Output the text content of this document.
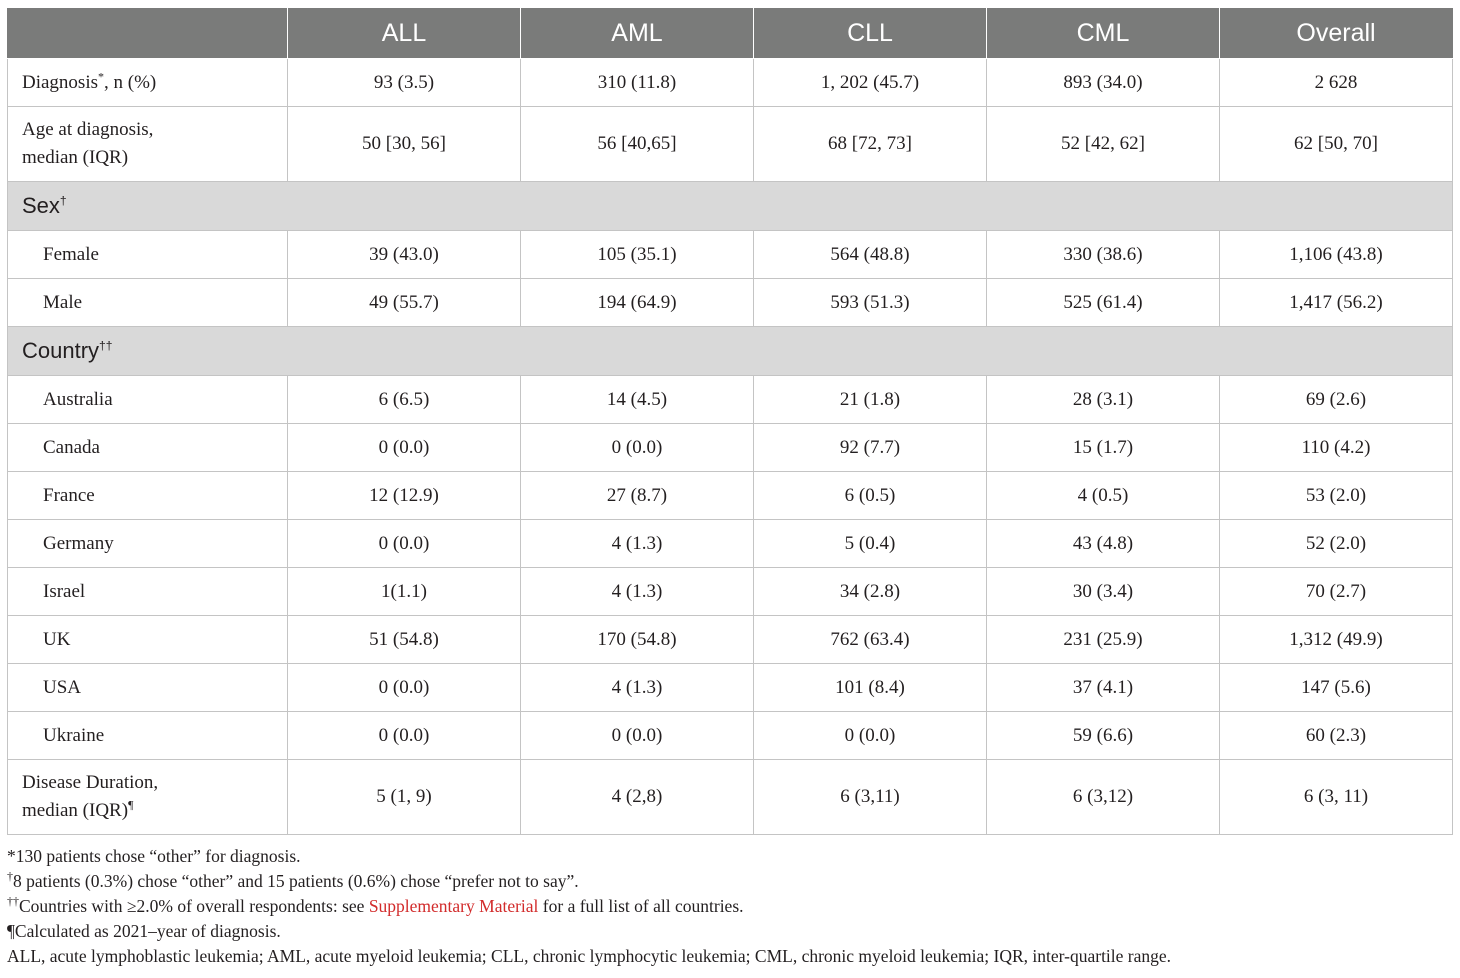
	ALL	AML	CLL	CML	Overall
Diagnosis*, n (%)	93 (3.5)	310 (11.8)	1, 202 (45.7)	893 (34.0)	2 628

Age at diagnosis,
median (IQR)	50 [30, 56]	56 [40,65]	68 [72, 73]	52 [42, 62]	62 [50, 70]
Sex†
Female	39 (43.0)	105 (35.1)	564 (48.8)	330 (38.6)	1,106 (43.8)
Male	49 (55.7)	194 (64.9)	593 (51.3)	525 (61.4)	1,417 (56.2)
Country††
Australia	6 (6.5)	14 (4.5)	21 (1.8)	28 (3.1)	69 (2.6)
Canada	0 (0.0)	0 (0.0)	92 (7.7)	15 (1.7)	110 (4.2)
France	12 (12.9)	27 (8.7)	6 (0.5)	4 (0.5)	53 (2.0)
Germany	0 (0.0)	4 (1.3)	5 (0.4)	43 (4.8)	52 (2.0)
Israel	1(1.1)	4 (1.3)	34 (2.8)	30 (3.4)	70 (2.7)
UK	51 (54.8)	170 (54.8)	762 (63.4)	231 (25.9)	1,312 (49.9)
USA	0 (0.0)	4 (1.3)	101 (8.4)	37 (4.1)	147 (5.6)
Ukraine	0 (0.0)	0 (0.0)	0 (0.0)	59 (6.6)	60 (2.3)

Disease Duration,
median (IQR)¶	5 (1, 9)	4 (2,8)	6 (3,11)	6 (3,12)	6 (3, 11)

*130 patients chose “other” for diagnosis.

†8 patients (0.3%) chose “other” and 15 patients (0.6%) chose “prefer not to say”.

††Countries with ≥2.0% of overall respondents: see Supplementary Material for a full list of all countries.

¶Calculated as 2021–year of diagnosis.

ALL, acute lymphoblastic leukemia; AML, acute myeloid leukemia; CLL, chronic lymphocytic leukemia; CML, chronic myeloid leukemia; IQR, inter-quartile range.
